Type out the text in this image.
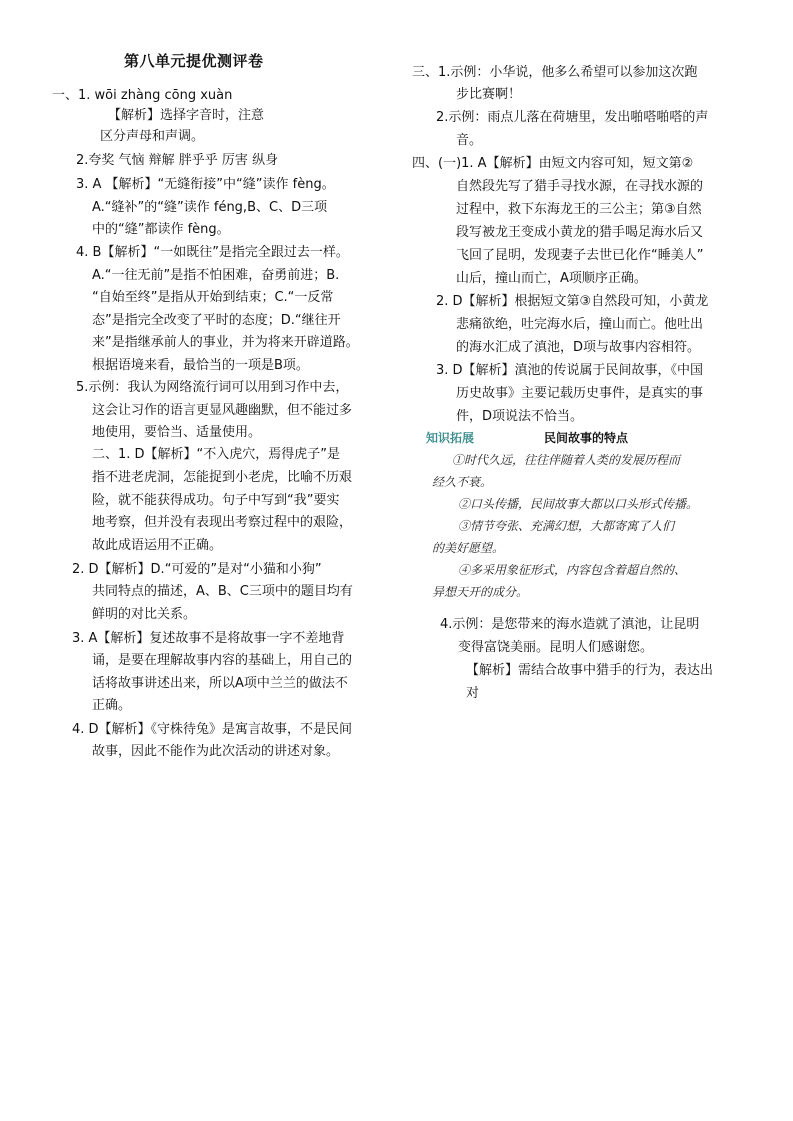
第八单元提优测评卷
一、1. wōi zhàng cōng xuàn
【解析】选择字音时，注意
区分声母和声调。
2.夸奖 气恼 辩解 胖乎乎 厉害 纵身
3. A 【解析】“无缝衔接”中“缝”读作 fèng。
A.“缝补”的“缝”读作 féng,B、C、D三项
中的“缝”都读作 fèng。
4. B【解析】“一如既往”是指完全跟过去一样。
A.“一往无前”是指不怕困难，奋勇前进；B.
“自始至终”是指从开始到结束；C.“一反常
态”是指完全改变了平时的态度；D.“继往开
来”是指继承前人的事业，并为将来开辟道路。
根据语境来看，最恰当的一项是B项。
5.示例：我认为网络流行词可以用到习作中去，
这会让习作的语言更显风趣幽默，但不能过多
地使用，要恰当、适量使用。
二、1. D【解析】“不入虎穴，焉得虎子”是
指不进老虎洞，怎能捉到小老虎，比喻不历艰
险，就不能获得成功。句子中写到“我”要实
地考察，但并没有表现出考察过程中的艰险，
故此成语运用不正确。
2. D【解析】D.“可爱的”是对“小猫和小狗”
共同特点的描述，A、B、C三项中的题目均有
鲜明的对比关系。
3. A【解析】复述故事不是将故事一字不差地背
诵，是要在理解故事内容的基础上，用自己的
话将故事讲述出来，所以A项中兰兰的做法不
正确。
4. D【解析】《守株待兔》是寓言故事，不是民间
故事，因此不能作为此次活动的讲述对象。
三、1.示例：小华说，他多么希望可以参加这次跑
步比赛啊！
2.示例：雨点儿落在荷塘里，发出啪嗒啪嗒的声
音。
四、(一)1. A【解析】由短文内容可知，短文第②
自然段先写了猎手寻找水源，在寻找水源的
过程中，救下东海龙王的三公主；第③自然
段写被龙王变成小黄龙的猎手喝足海水后又
飞回了昆明，发现妻子去世已化作“睡美人”
山后，撞山而亡，A项顺序正确。
2. D【解析】根据短文第③自然段可知，小黄龙
悲痛欲绝，吐完海水后，撞山而亡。他吐出
的海水汇成了滇池，D项与故事内容相符。
3. D【解析】滇池的传说属于民间故事，《中国
历史故事》主要记载历史事件，是真实的事
件，D项说法不恰当。
知识拓展	民间故事的特点
①时代久远，往往伴随着人类的发展历程而
经久不衰。
②口头传播，民间故事大都以口头形式传播。
③情节夸张、充满幻想，大都寄寓了人们
的美好愿望。
④多采用象征形式，内容包含着超自然的、
异想天开的成分。
4.示例：是您带来的海水造就了滇池，让昆明
变得富饶美丽。昆明人们感谢您。
【解析】需结合故事中猎手的行为，表达出
对
